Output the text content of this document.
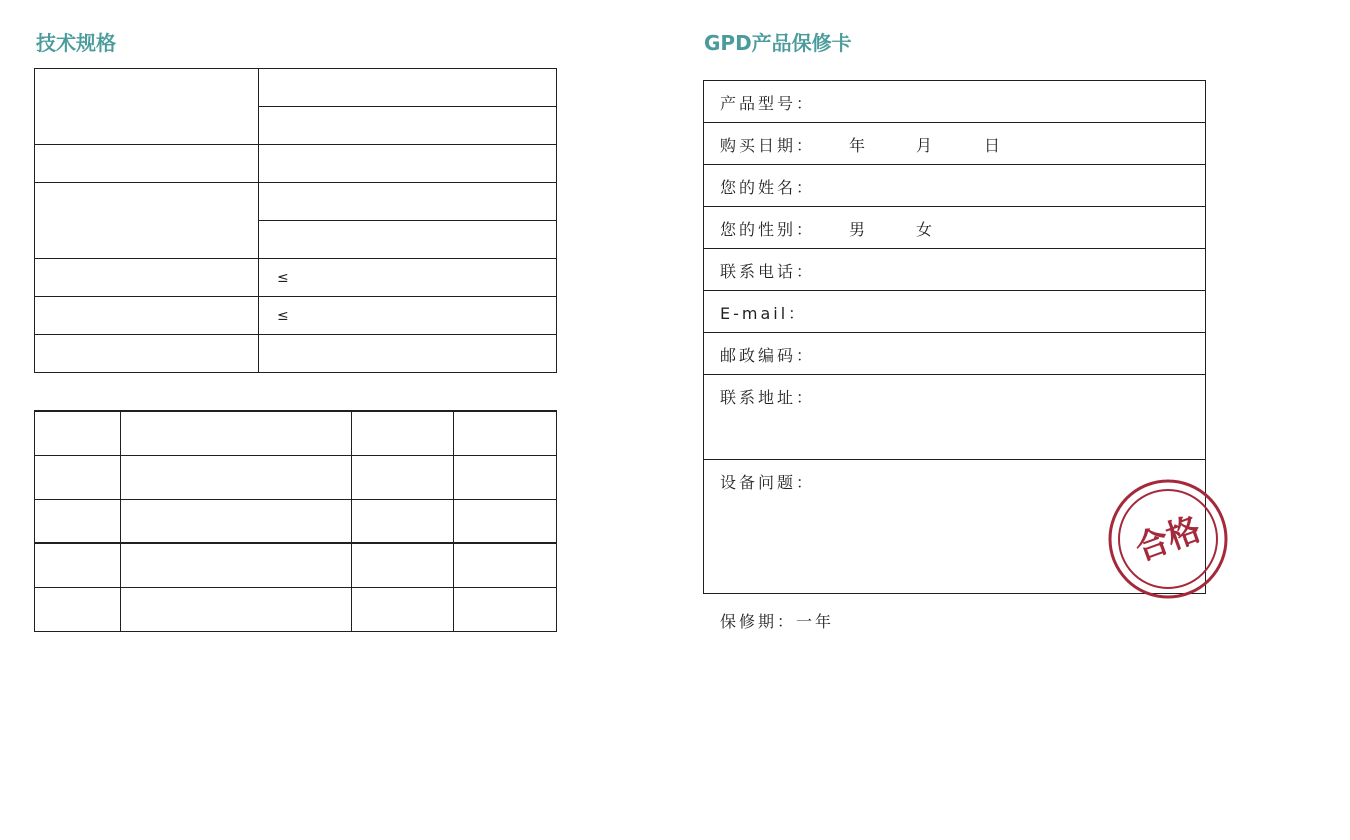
技术规格

	≤
	≤

GPD产品保修卡
产品型号：
购买日期： 年	月	日
您的姓名：
您的性别： 男	女
联系电话：
E-mail：
邮政编码：
联系地址：
设备问题：

保修期：一年

合格
